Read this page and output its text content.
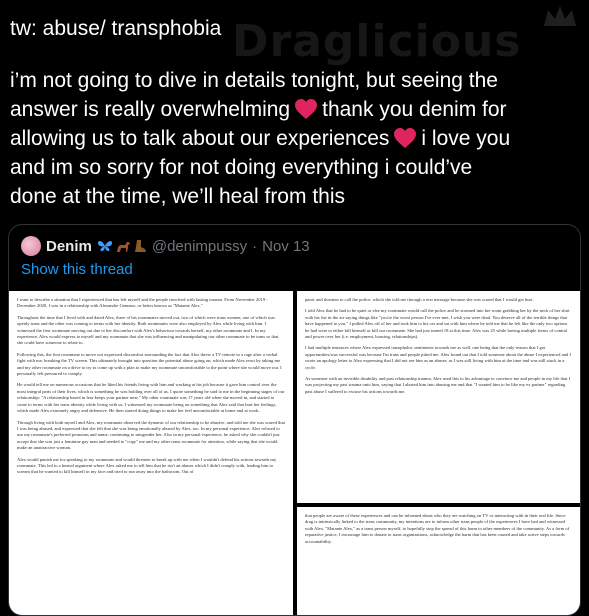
Draglicious
tw: abuse/ transphobia
i’m not going to dive in details tonight, but seeing the
answer is really overwhelming thank you denim for
allowing us to talk about our experiences i love you
and im so sorry for not doing everything i could’ve
done at the time, we’ll heal from this
Denim	@denimpussy · Nov 13
Show this thread

I want to describe a situation that I experienced that has left myself and the people involved with lasting trauma. From November 2019 - December 2020, I was in a relationship with Alexandre Gennaro, or better known as "Matante Alex."

Throughout the time that I lived with and dated Alex, three of his roommates moved out, two of which were trans women, one of which was openly trans and the other was coming to terms with her identity. Both roommates were also employed by Alex while living with him. I witnessed the first roommate moving out due to her discomfort with Alex's behaviour towards herself, my other roommate and I. In my experience, Alex would express to myself and my roommate that she was influencing and manipulating our other roommate to be trans so that she could have someone to relate to.

Following this, the first roommate to move out expressed discomfort surrounding the fact that Alex threw a TV remote in a rage after a verbal fight with me, breaking the TV screen. This ultimately brought into question the potential abuse going on, which made Alex react by taking me and my other roommate on a drive to try to come up with a plan to make my roommate uncomfortable to the point where she would move out. I personally felt pressured to comply.

He would tell me on numerous occasions that he liked his friends living with him and working at his job because it gave him control over the most integral parts of their lives, which is something he was holding over all of us. I quote something he said to me in the beginning stages of our relationship: "A relationship based in fear keeps your partner near." My other roommate was 17 years old when she moved in, and started to come to terms with her trans identity while living with us. I witnessed my roommate being on something that Alex said that hurt her feelings, which made Alex extremely angry and defensive. He then started doing things to make her feel uncomfortable at home and at work.

Through living with both myself and Alex, my roommate observed the dynamic of our relationship to be abusive, and told me she was scared that I was being abused, and expressed that she felt that she was being emotionally abused by Alex, too. In my personal experience, Alex refused to use my roommate's preferred pronouns and name, continuing to misgender her. Also in my personal experience, he asked why she couldn't just accept that she was just a feminine gay man and needed to "copy" me and my other trans roommate for attention, while saying that she would make an unattractive woman.

Alex would punish me for speaking to my roommate and would threaten to break up with me when I wouldn't defend his actions towards my roommate. This led to a heated argument where Alex asked me to tell him that he isn't an abuser which I didn't comply with, leading him to scream that he wanted to kill himself in my face and tried to run away into the bathroom. Out of

panic and threaten to call the police, which she told me through a text message because she was scared that I would get hurt.

I told Alex that he had to be quiet or else my roommate would call the police and he stormed into her room grabbing her by the neck of her shirt with his fist in the air saying things like "you're the worst person I've ever met, I wish you were dead. You deserve all of the terrible things that have happened to you." I pulled Alex off of her and took him to his car and sat with him where he told me that he felt like the only two options he had were to either kill himself or kill our roommate. She had just turned 18 at this time. Alex was 25 while having multiple forms of control and power over her (i.e. employment, housing, relationships).

I had multiple instances where Alex expressed transphobic sentiments towards me as well, one being that the only reason that I got opportunities/was successful was because I'm trans and people pitied me. Alex found out that I told someone about the abuse I experienced and I wrote an apology letter to Alex expressing that I did not see him as an abuser, as I was still living with him at the time and was still stuck in a cycle.

As someone with an invisible disability and past relationship trauma, Alex used this to his advantage to convince me and people in my life that I was projecting my past trauma onto him, saying that I abused him into abusing me and that "I wanted him to be like my ex partner" regarding past abuse I suffered to excuse his actions towards me.

that people are aware of these experiences and can be informed about who they are watching on TV or interacting with in their real life. Since drag is intrinsically linked to the trans community, my intentions are to inform other trans people of the experiences I have had and witnessed with Alex, "Matante Alex," as a trans person myself, to hopefully stop the spread of this harm to other members of the community. As a form of reparative justice, I encourage him to donate to trans organizations, acknowledge the harm that has been caused and take active steps towards accountability.
